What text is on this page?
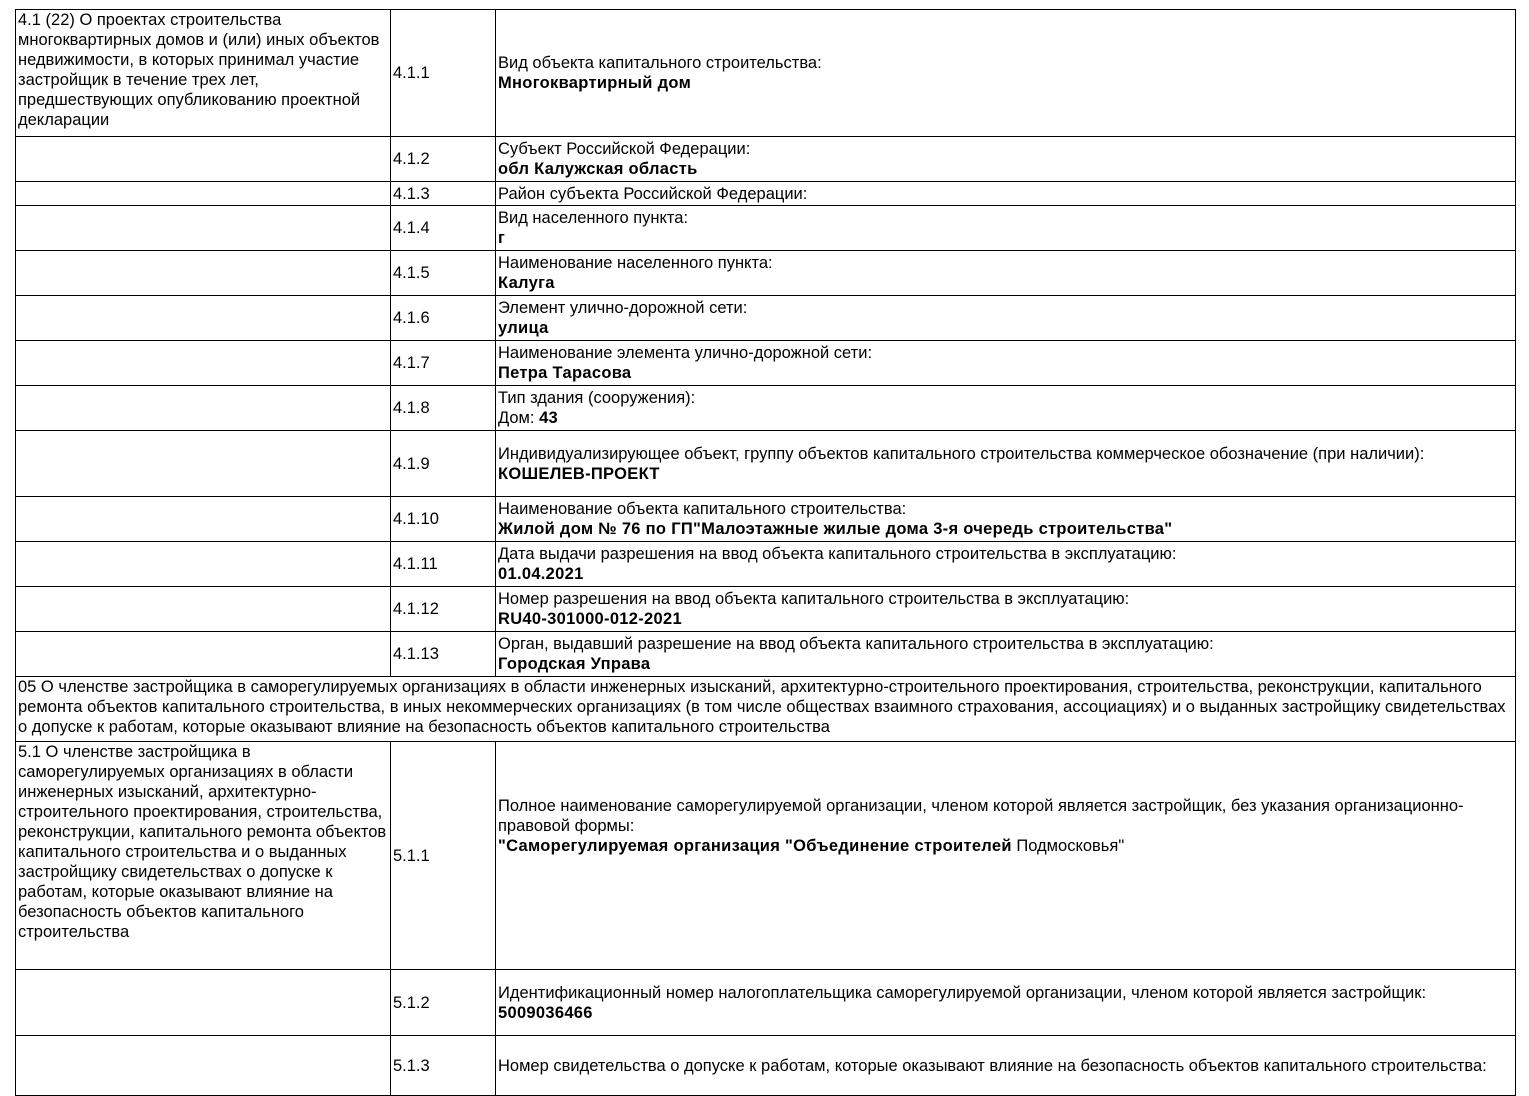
4.1 (22) О проектах строительства многоквартирных домов и (или) иных объектов недвижимости, в которых принимал участие застройщик в течение трех лет, предшествующих опубликованию проектной декларации	4.1.1	Вид объекта капитального строительства:
Многоквартирный дом

	4.1.2	Субъект Российской Федерации:
обл Калужская область

	4.1.3	Район субъекта Российской Федерации:

	4.1.4	Вид населенного пункта:
г

	4.1.5	Наименование населенного пункта:
Калуга

	4.1.6	Элемент улично-дорожной сети:
улица

	4.1.7	Наименование элемента улично-дорожной сети:
Петра Тарасова

	4.1.8	Тип здания (сооружения):
Дом: 43

	4.1.9	Индивидуализирующее объект, группу объектов капитального строительства коммерческое обозначение (при наличии):
КОШЕЛЕВ-ПРОЕКТ

	4.1.10	Наименование объекта капитального строительства:
Жилой дом № 76 по ГП"Малоэтажные жилые дома 3-я очередь строительства"

	4.1.11	Дата выдачи разрешения на ввод объекта капитального строительства в эксплуатацию:
01.04.2021

	4.1.12	Номер разрешения на ввод объекта капитального строительства в эксплуатацию:
RU40-301000-012-2021

	4.1.13	Орган, выдавший разрешение на ввод объекта капитального строительства в эксплуатацию:
Городская Управа

05 О членстве застройщика в саморегулируемых организациях в области инженерных изысканий, архитектурно-строительного проектирования, строительства, реконструкции, капитального ремонта объектов капитального строительства, в иных некоммерческих организациях (в том числе обществах взаимного страхования, ассоциациях) и о выданных застройщику свидетельствах о допуске к работам, которые оказывают влияние на безопасность объектов капитального строительства		
5.1 О членстве застройщика в саморегулируемых организациях в области инженерных изысканий, архитектурно-строительного проектирования, строительства, реконструкции, капитального ремонта объектов капитального строительства и о выданных застройщику свидетельствах о допуске к работам, которые оказывают влияние на безопасность объектов капитального строительства	5.1.1	Полное наименование саморегулируемой организации, членом которой является застройщик, без указания организационно-правовой формы:
"Саморегулируемая организация "Объединение строителей Подмосковья"

	5.1.2	Идентификационный номер налогоплательщика саморегулируемой организации, членом которой является застройщик:
5009036466

	5.1.3	Номер свидетельства о допуске к работам, которые оказывают влияние на безопасность объектов капитального строительства:
